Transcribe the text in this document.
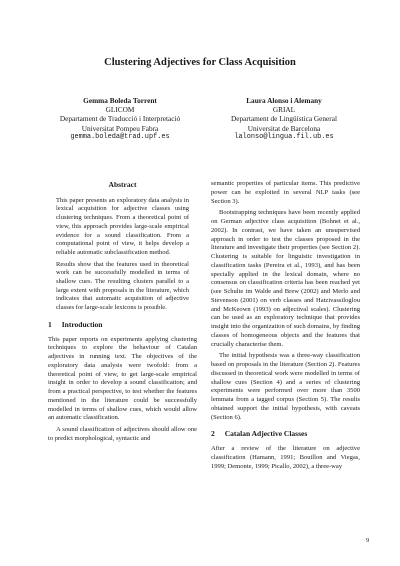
Clustering Adjectives for Class Acquisition
Gemma Boleda Torrent
GLICOM
Departament de Traducció i Interpretació
Universitat Pompeu Fabra
gemma.boleda@trad.upf.es
Laura Alonso i Alemany
GRIAL
Departament de Lingüística General
Universitat de Barcelona
lalonso@lingua.fil.ub.es
Abstract

This paper presents an exploratory data analysis in lexical acquisition for adjective classes using clustering techniques. From a theoretical point of view, this approach provides large-scale empirical evidence for a sound classification. From a computational point of view, it helps develop a reliable automatic subclassification method.

Results show that the features used in theoretical work can be successfully modelled in terms of shallow cues. The resulting clusters parallel to a large extent with proposals in the literature, which indicates that automatic acquisition of adjective classes for large-scale lexicons is possible.

1 Introduction

This paper reports on experiments applying clustering techniques to explore the behaviour of Catalan adjectives in running text. The objectives of the exploratory data analysis were twofold: from a theoretical point of view, to get large-scale empirical insight in order to develop a sound classification; and from a practical perspective, to test whether the features mentioned in the literature could be successfully modelled in terms of shallow cues, which would allow an automatic classification.

A sound classification of adjectives should allow one to predict morphological, syntactic and

semantic properties of particular items. This predictive power can be exploited in several NLP tasks (see Section 3).

Bootstrapping techniques have been recently applied on German adjective class acquisition (Bohnet et al., 2002). In contrast, we have taken an unsupervised approach in order to test the classes proposed in the literature and investigate their properties (see Section 2). Clustering is suitable for linguistic investigation in classification tasks (Pereira et al., 1993), and has been specially applied in the lexical domain, where no consensus on classification criteria has been reached yet (see Schulte im Walde and Brew (2002) and Merlo and Stevenson (2001) on verb classes and Hatzivassiloglou and McKeown (1993) on adjectival scales). Clustering can be used as an exploratory technique that provides insight into the organization of such domains, by finding classes of homogeneous objects and the features that crucially characterise them.

The initial hypothesis was a three-way classification based on proposals in the literature (Section 2). Features discussed in theoretical work were modelled in terms of shallow cues (Section 4) and a series of clustering experiments were performed over more than 3500 lemmata from a tagged corpus (Section 5). The results obtained support the initial hypothesis, with caveats (Section 6).

2 Catalan Adjective Classes

After a review of the literature on adjective classification (Hamann, 1991; Bouillon and Viegas, 1999; Demonte, 1999; Picallo, 2002), a three-way

9
